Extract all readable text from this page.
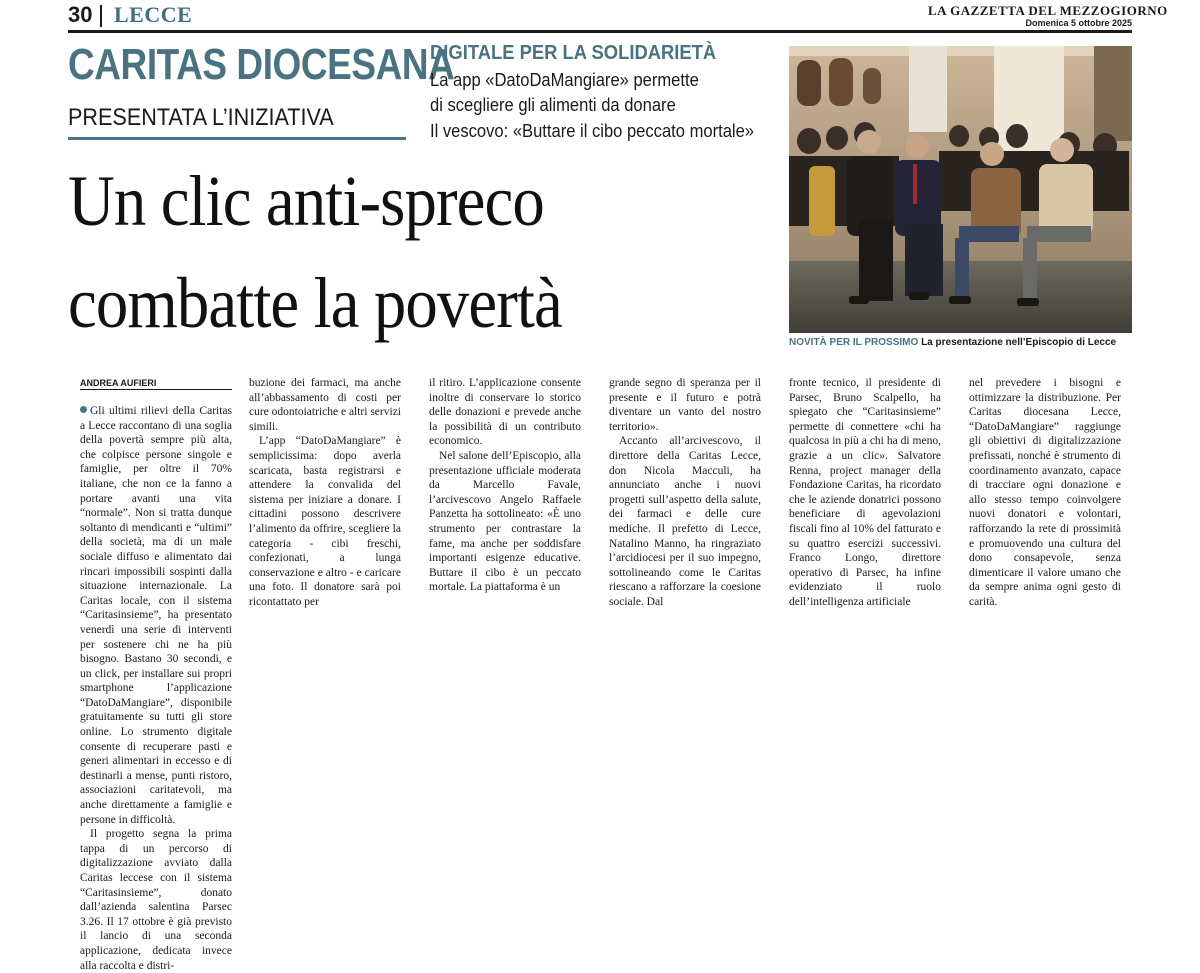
30 LECCE	LA GAZZETTA DEL MEZZOGIORNO
Domenica 5 ottobre 2025
CARITAS DIOCESANA
PRESENTATA L’INIZIATIVA
DIGITALE PER LA SOLIDARIETÀ
La app «DatoDaMangiare» permette
di scegliere gli alimenti da donare
Il vescovo: «Buttare il cibo peccato mortale»
Un clic anti-spreco
combatte la povertà	NOVITÀ PER IL PROSSIMO La presentazione nell’Episcopio di Lecce
ANDREA AUFIERI

Gli ultimi rilievi della Caritas a Lecce raccontano di una soglia della povertà sempre più alta, che colpisce persone singole e famiglie, per oltre il 70% italiane, che non ce la fanno a portare avanti una vita “normale”. Non si tratta dunque soltanto di mendicanti e “ultimi” della società, ma di un male sociale diffuso e alimentato dai rincari impossibili sospinti dalla situazione internazionale. La Caritas locale, con il sistema “Caritasinsieme”, ha presentato venerdì una serie di interventi per sostenere chi ne ha più bisogno. Bastano 30 secondi, e un click, per installare sui propri smartphone l’applicazione “DatoDaMangiare”, disponibile gratuitamente su tutti gli store online. Lo strumento digitale consente di recuperare pasti e generi alimentari in eccesso e di destinarli a mense, punti ristoro, associazioni caritatevoli, ma anche direttamente a famiglie e persone in difficoltà.

Il progetto segna la prima tappa di un percorso di digitalizzazione avviato dalla Caritas leccese con il sistema “Caritasinsieme”, donato dall’azienda salentina Parsec 3.26. Il 17 ottobre è già previsto il lancio di una seconda applicazione, dedicata invece alla raccolta e distri-

buzione dei farmaci, ma anche all’abbassamento di costi per cure odontoiatriche e altri servizi simili.

L’app “DatoDaMangiare” è semplicissima: dopo averla scaricata, basta registrarsi e attendere la convalida del sistema per iniziare a donare. I cittadini possono descrivere l’alimento da offrire, scegliere la categoria - cibi freschi, confezionati, a lunga conservazione e altro - e caricare una foto. Il donatore sarà poi ricontattato per

il ritiro. L’applicazione consente inoltre di conservare lo storico delle donazioni e prevede anche la possibilità di un contributo economico.

Nel salone dell’Episcopio, alla presentazione ufficiale moderata da Marcello Favale, l’arcivescovo Angelo Raffaele Panzetta ha sottolineato: «È uno strumento per contrastare la fame, ma anche per soddisfare importanti esigenze educative. Buttare il cibo è un peccato mortale. La piattaforma è un

grande segno di speranza per il presente e il futuro e potrà diventare un vanto del nostro territorio».

Accanto all’arcivescovo, il direttore della Caritas Lecce, don Nicola Macculi, ha annunciato anche i nuovi progetti sull’aspetto della salute, dei farmaci e delle cure mediche. Il prefetto di Lecce, Natalino Manno, ha ringraziato l’arcidiocesi per il suo impegno, sottolineando come le Caritas riescano a rafforzare la coesione sociale. Dal

fronte tecnico, il presidente di Parsec, Bruno Scalpello, ha spiegato che “Caritasinsieme” permette di connettere «chi ha qualcosa in più a chi ha di meno, grazie a un clic». Salvatore Renna, project manager della Fondazione Caritas, ha ricordato che le aziende donatrici possono beneficiare di agevolazioni fiscali fino al 10% del fatturato e su quattro esercizi successivi. Franco Longo, direttore operativo di Parsec, ha infine evidenziato il ruolo dell’intelligenza artificiale

nel prevedere i bisogni e ottimizzare la distribuzione. Per Caritas diocesana Lecce, “DatoDaMangiare” raggiunge gli obiettivi di digitalizzazione prefissati, nonché è strumento di coordinamento avanzato, capace di tracciare ogni donazione e allo stesso tempo coinvolgere nuovi donatori e volontari, rafforzando la rete di prossimità e promuovendo una cultura del dono consapevole, senza dimenticare il valore umano che da sempre anima ogni gesto di carità.
